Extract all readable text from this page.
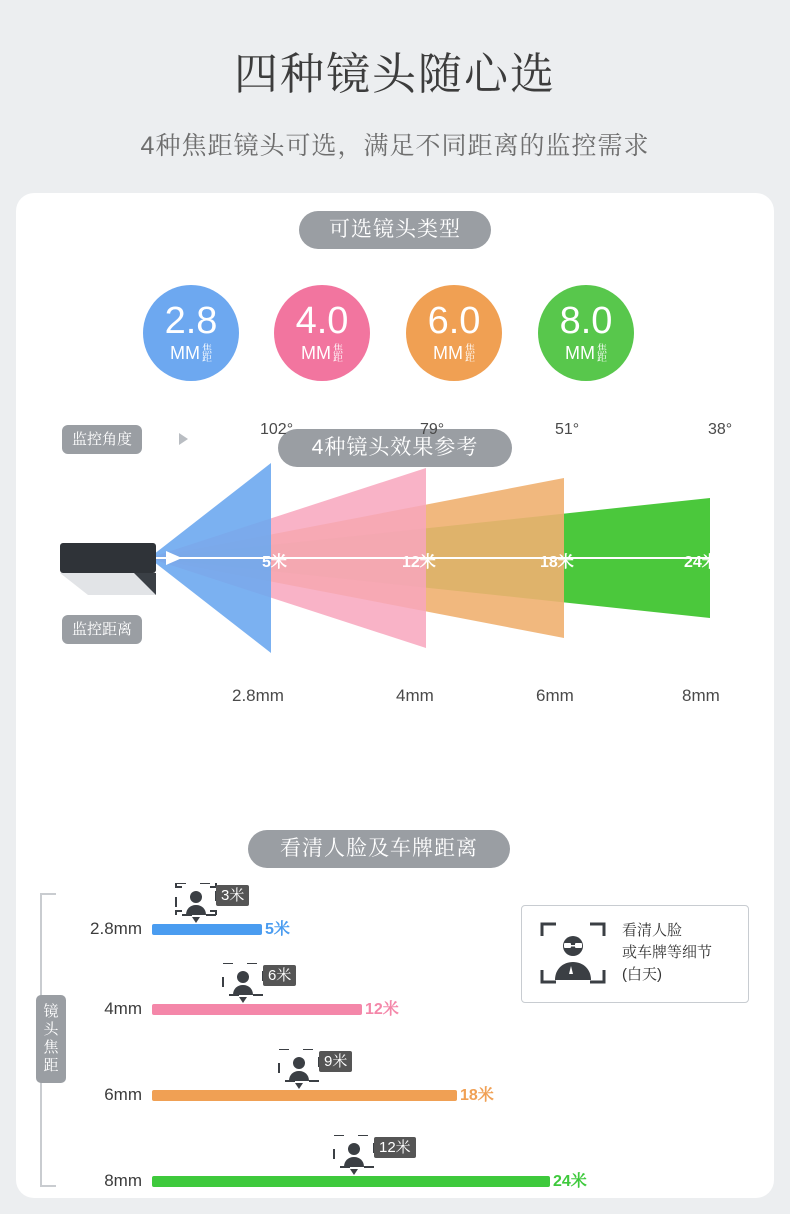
四种镜头随心选
4种焦距镜头可选，满足不同距离的监控需求
可选镜头类型
2.8
MM 焦
距
4.0
MM 焦
距
6.0
MM 焦
距
8.0
MM 焦
距
4种镜头效果参考
监控角度
监控距离
102°	79°	51°	38°
5米	12米	18米	24米
2.8mm	4mm	6mm	8mm
看清人脸及车牌距离
镜
头
焦
距
2.8mm	5米
3米
4mm	12米
6米
6mm	18米
9米
8mm	24米
12米
看清人脸
或车牌等细节
(白天)
